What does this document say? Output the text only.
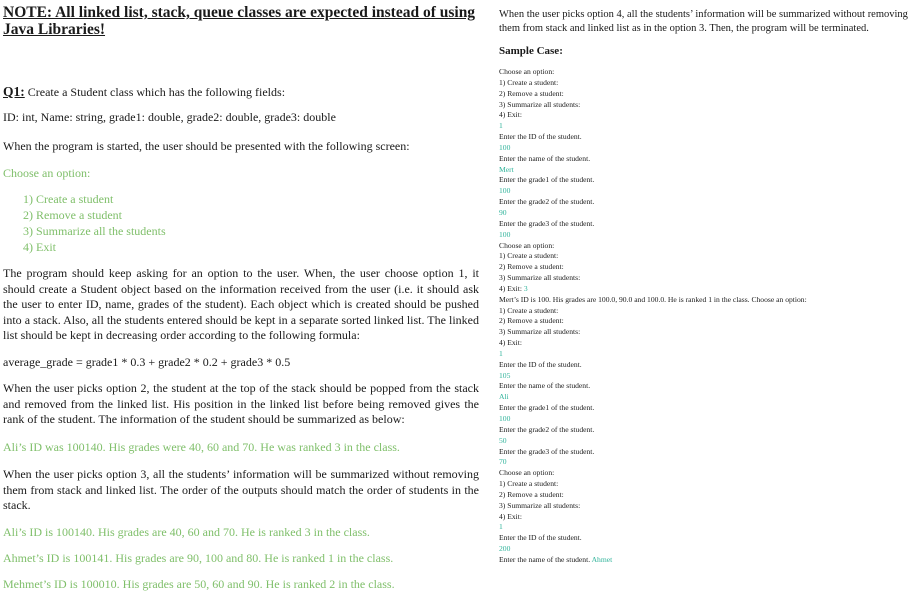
NOTE: All linked list, stack, queue classes are expected instead of using Java Libraries!

Q1: Create a Student class which has the following fields:

ID: int, Name: string, grade1: double, grade2: double, grade3: double

When the program is started, the user should be presented with the following screen:

Choose an option:

1) Create a student
2) Remove a student
3) Summarize all the students
4) Exit

The program should keep asking for an option to the user. When, the user choose option 1, it should create a Student object based on the information received from the user (i.e. it should ask the user to enter ID, name, grades of the student). Each object which is created should be pushed into a stack. Also, all the students entered should be kept in a separate sorted linked list. The linked list should be kept in decreasing order according to the following formula:

average_grade = grade1 * 0.3 + grade2 * 0.2 + grade3 * 0.5

When the user picks option 2, the student at the top of the stack should be popped from the stack and removed from the linked list. His position in the linked list before being removed gives the rank of the student. The information of the student should be summarized as below:

Ali’s ID was 100140. His grades were 40, 60 and 70. He was ranked 3 in the class.

When the user picks option 3, all the students’ information will be summarized without removing them from stack and linked list. The order of the outputs should match the order of students in the stack.

Ali’s ID is 100140. His grades are 40, 60 and 70. He is ranked 3 in the class.

Ahmet’s ID is 100141. His grades are 90, 100 and 80. He is ranked 1 in the class.

Mehmet’s ID is 100010. His grades are 50, 60 and 90. He is ranked 2 in the class.

When the user picks option 4, all the students’ information will be summarized without removing them from stack and linked list as in the option 3. Then, the program will be terminated.

Sample Case:

Choose an option:
1) Create a student:
2) Remove a student:
3) Summarize all students:
4) Exit:
1
Enter the ID of the student.
100
Enter the name of the student.
Mert
Enter the grade1 of the student.
100
Enter the grade2 of the student.
90
Enter the grade3 of the student.
100
Choose an option:
1) Create a student:
2) Remove a student:
3) Summarize all students:
4) Exit: 3
Mert’s ID is 100. His grades are 100.0, 90.0 and 100.0. He is ranked 1 in the class. Choose an option:
1) Create a student:
2) Remove a student:
3) Summarize all students:
4) Exit:
1
Enter the ID of the student.
105
Enter the name of the student.
Ali
Enter the grade1 of the student.
100
Enter the grade2 of the student.
50
Enter the grade3 of the student.
70
Choose an option:
1) Create a student:
2) Remove a student:
3) Summarize all students:
4) Exit:
1
Enter the ID of the student.
200
Enter the name of the student. Ahmet
